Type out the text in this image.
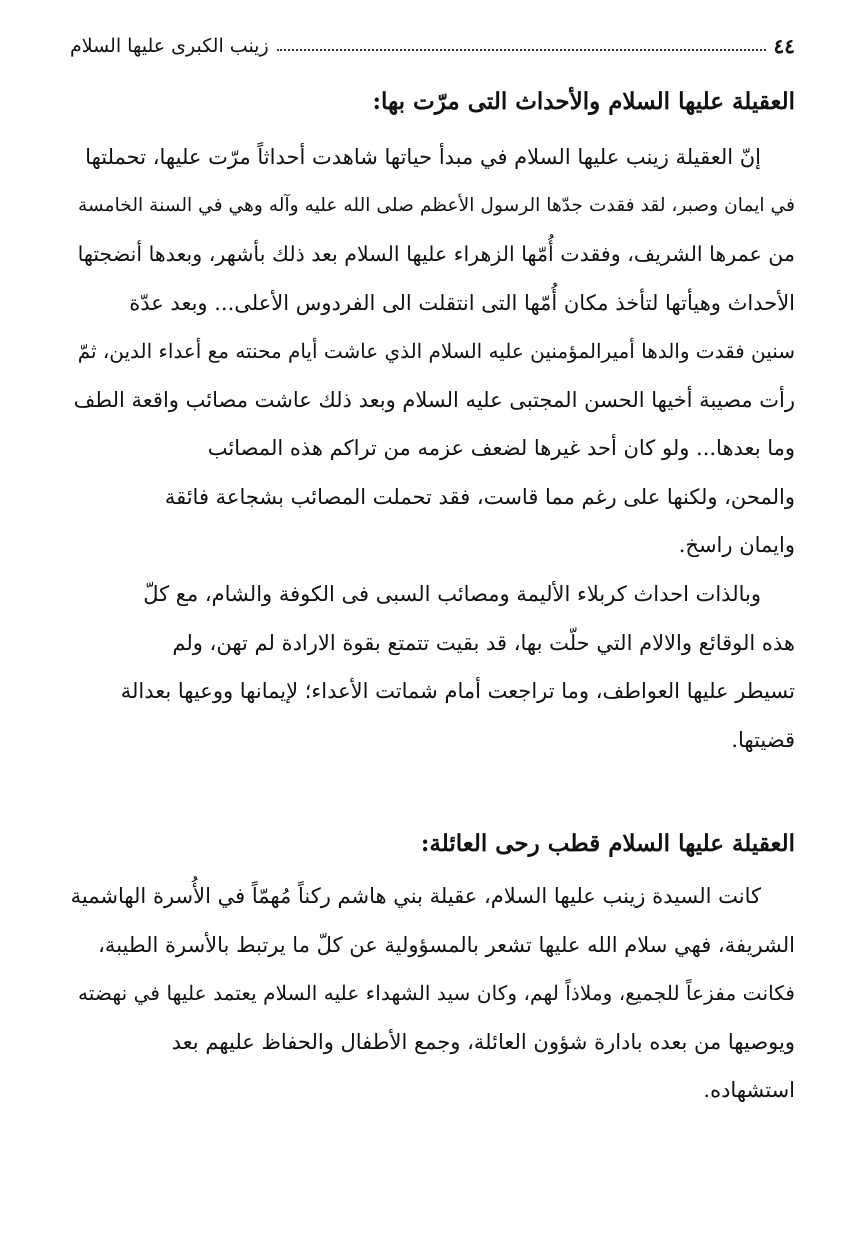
٤٤
زينب الكبرى عليها السلام
العقيلة عليها السلام والأحداث التى مرّت بها:
إنّ العقيلة زينب عليها السلام في مبدأ حياتها شاهدت أحداثاً مرّت عليها، تحملتها
في ايمان وصبر، لقد فقدت جدّها الرسول الأعظم صلى الله عليه وآله وهي في السنة الخامسة
من عمرها الشريف، وفقدت أُمّها الزهراء عليها السلام بعد ذلك بأشهر، وبعدها أنضجتها
الأحداث وهيأتها لتأخذ مكان أُمّها التى انتقلت الى الفردوس الأعلى... وبعد عدّة
سنين فقدت والدها أميرالمؤمنين عليه السلام الذي عاشت أيام محنته مع أعداء الدين، ثمّ
رأت مصيبة أخيها الحسن المجتبى عليه السلام وبعد ذلك عاشت مصائب واقعة الطف
وما بعدها... ولو كان أحد غيرها لضعف عزمه من تراكم هذه المصائب
والمحن، ولكنها على رغم مما قاست، فقد تحملت المصائب بشجاعة فائقة
وايمان راسخ.
وبالذات احداث كربلاء الأليمة ومصائب السبى فى الكوفة والشام، مع كلّ
هذه الوقائع والالام التي حلّت بها، قد بقيت تتمتع بقوة الارادة لم تهن، ولم
تسيطر عليها العواطف، وما تراجعت أمام شماتت الأعداء؛ لإيمانها ووعيها بعدالة
قضيتها.
العقيلة عليها السلام قطب رحى العائلة:
كانت السيدة زينب عليها السلام، عقيلة بني هاشم ركناً مُهمّاً في الأُسرة الهاشمية
الشريفة، فهي سلام الله عليها تشعر بالمسؤولية عن كلّ ما يرتبط بالأسرة الطيبة،
فكانت مفزعاً للجميع، وملاذاً لهم، وكان سيد الشهداء عليه السلام يعتمد عليها في نهضته
ويوصيها من بعده بادارة شؤون العائلة، وجمع الأطفال والحفاظ عليهم بعد
استشهاده.
